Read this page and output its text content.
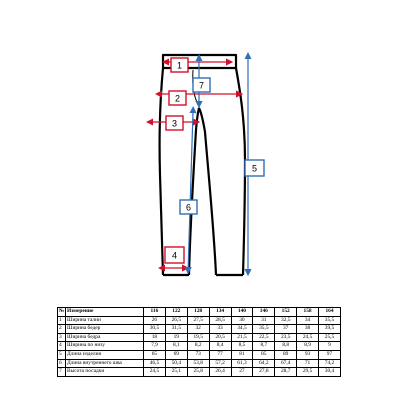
1
2
3
4
5
6
7
№	Измерение	116	122	128	134	140	146	152	158	164
1	Ширина талии	26	26,5	27,5	28,5	30	31	32,5	34	35,5
2	Ширина бедер	30,5	31,5	32	33	34,5	35,5	37	38	39,5
3	Ширина бедра	18	19	19,5	20,5	21,5	22,5	23,5	24,5	25,5
4	Ширина по низу	7,9	8,1	8,2	8,4	8,5	8,7	8,8	8,9	9
5	Длина изделия	65	69	73	77	81	85	89	93	97
6	Длина внутреннего шва	46,5	50,4	53,8	57,2	61,3	64,2	67,4	71	74,2
7	Высота посадки	24,5	25,1	25,8	26,4	27	27,8	28,7	29,5	30,4
